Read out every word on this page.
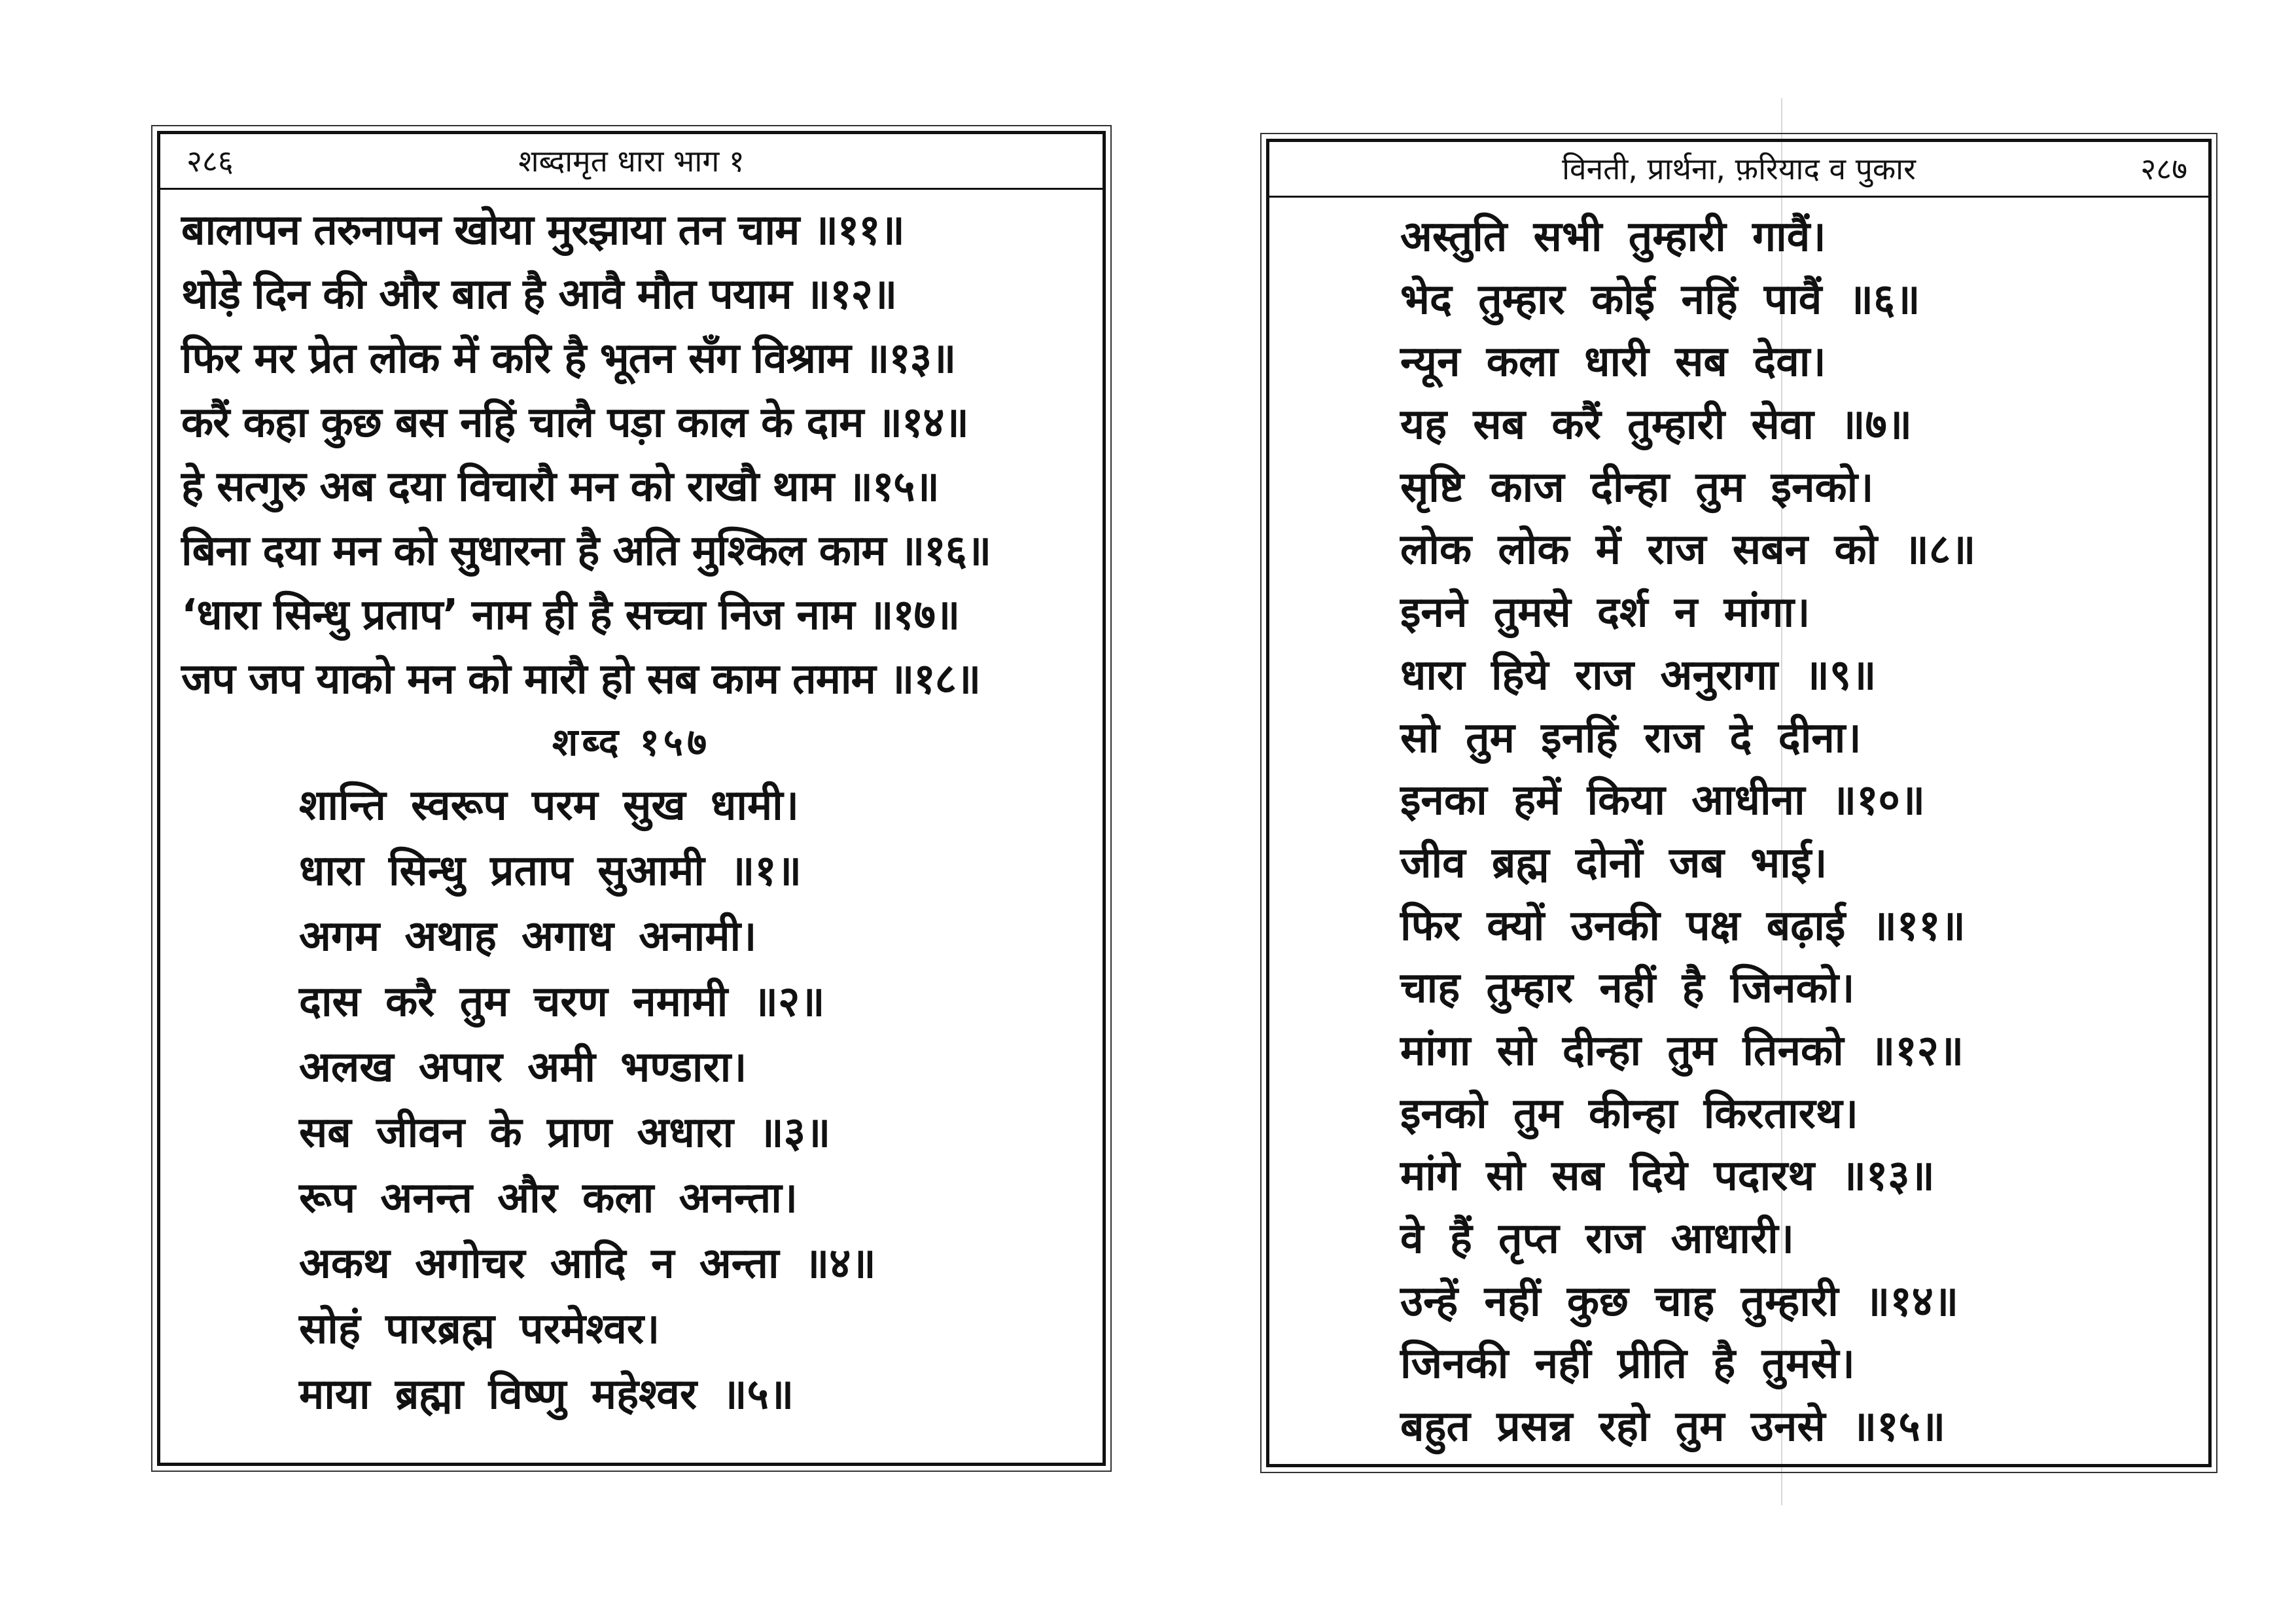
२८६	शब्दामृत धारा भाग १
बालापन तरुनापन खोया मुरझाया तन चाम ॥११॥
थोड़े दिन की और बात है आवै मौत पयाम ॥१२॥
फिर मर प्रेत लोक में करि है भूतन सँग विश्राम ॥१३॥
करैं कहा कुछ बस नहिं चालै पड़ा काल के दाम ॥१४॥
हे सत्गुरु अब दया विचारौ मन को राखौ थाम ॥१५॥
बिना दया मन को सुधारना है अति मुश्किल काम ॥१६॥
‘धारा सिन्धु प्रताप’ नाम ही है सच्चा निज नाम ॥१७॥
जप जप याको मन को मारौ हो सब काम तमाम ॥१८॥
शब्द १५७
शान्ति स्वरूप परम सुख धामी।
धारा सिन्धु प्रताप सुआमी ॥१॥
अगम अथाह अगाध अनामी।
दास करै तुम चरण नमामी ॥२॥
अलख अपार अमी भण्डारा।
सब जीवन के प्राण अधारा ॥३॥
रूप अनन्त और कला अनन्ता।
अकथ अगोचर आदि न अन्ता ॥४॥
सोहं पारब्रह्म परमेश्वर।
माया ब्रह्मा विष्णु महेश्वर ॥५॥
विनती, प्रार्थना, फ़रियाद व पुकार	२८७
अस्तुति सभी तुम्हारी गावैं।
भेद तुम्हार कोई नहिं पावैं ॥६॥
न्यून कला धारी सब देवा।
यह सब करैं तुम्हारी सेवा ॥७॥
सृष्टि काज दीन्हा तुम इनको।
लोक लोक में राज सबन को ॥८॥
इनने तुमसे दर्श न मांगा।
धारा हिये राज अनुरागा ॥९॥
सो तुम इनहिं राज दे दीना।
इनका हमें किया आधीना ॥१०॥
जीव ब्रह्म दोनों जब भाई।
फिर क्यों उनकी पक्ष बढ़ाई ॥११॥
चाह तुम्हार नहीं है जिनको।
मांगा सो दीन्हा तुम तिनको ॥१२॥
इनको तुम कीन्हा किरतारथ।
मांगे सो सब दिये पदारथ ॥१३॥
वे हैं तृप्त राज आधारी।
उन्हें नहीं कुछ चाह तुम्हारी ॥१४॥
जिनकी नहीं प्रीति है तुमसे।
बहुत प्रसन्न रहो तुम उनसे ॥१५॥
